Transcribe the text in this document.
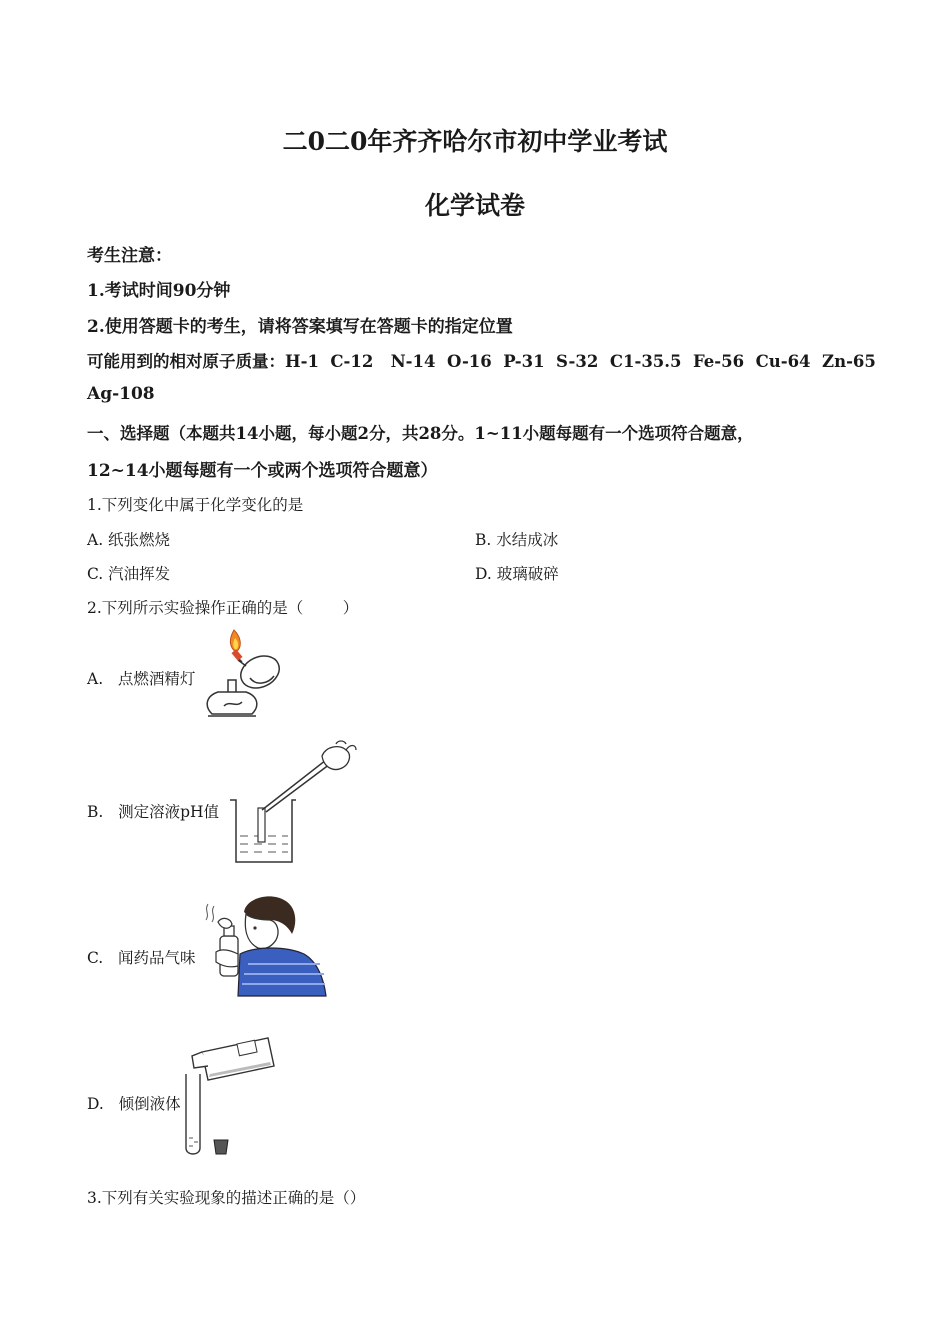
二0二0年齐齐哈尔市初中学业考试
化学试卷
考生注意：
1.考试时间90分钟
2.使用答题卡的考生，请将答案填写在答题卡的指定位置
可能用到的相对原子质量：H-1  C-12   N-14  O-16  P-31  S-32  C1-35.5  Fe-56  Cu-64  Zn-65
Ag-108
一、选择题（本题共14小题，每小题2分，共28分。1~11小题每题有一个选项符合题意，
12~14小题每题有一个或两个选项符合题意）
1.下列变化中属于化学变化的是
A. 纸张燃烧	B. 水结成冰
C. 汽油挥发	D. 玻璃破碎
2.下列所示实验操作正确的是（        ）
A.   点燃酒精灯
B.   测定溶液pH值
C.   闻药品气味
D.   倾倒液体
3.下列有关实验现象的描述正确的是（）
